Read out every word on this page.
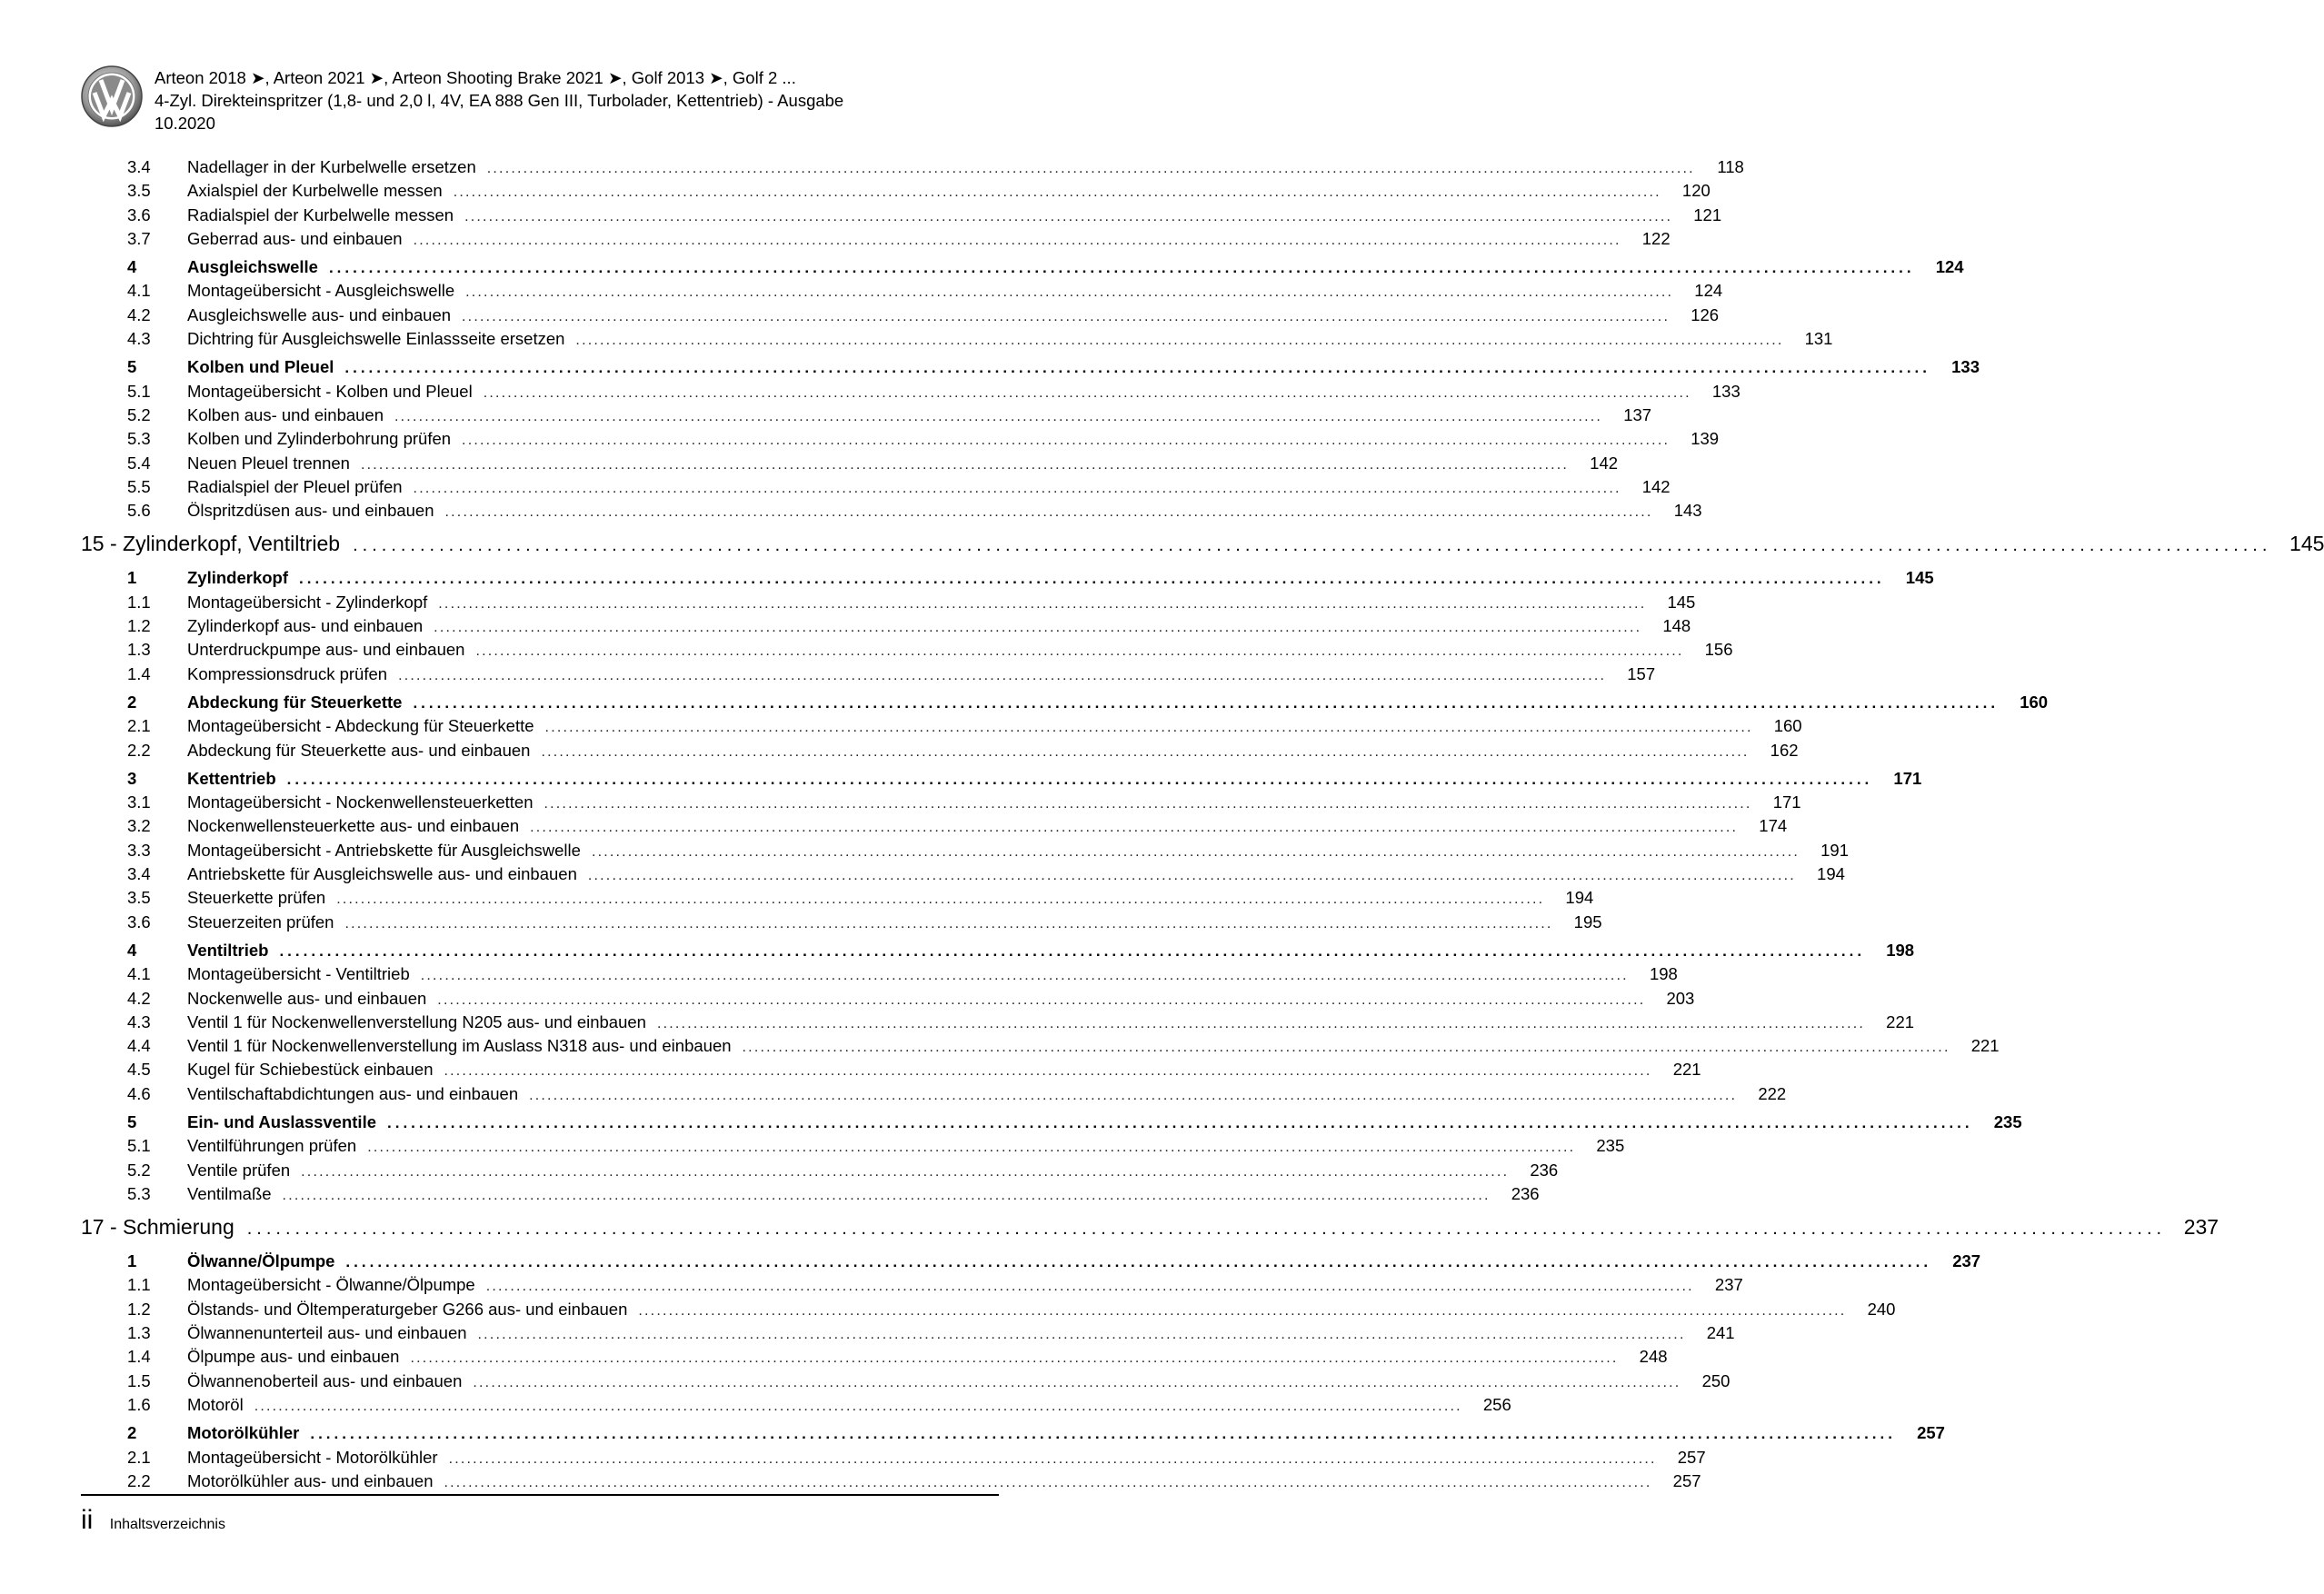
Arteon 2018 ➤, Arteon 2021 ➤, Arteon Shooting Brake 2021 ➤, Golf 2013 ➤, Golf 2 ...
4-Zyl. Direkteinspritzer (1,8- und 2,0 l, 4V, EA 888 Gen III, Turbolader, Kettentrieb) - Ausgabe
10.2020
3.4	Nadellager in der Kurbelwelle ersetzen ........................................................................................................................................................................................................	118
3.5	Axialspiel der Kurbelwelle messen ........................................................................................................................................................................................................	120
3.6	Radialspiel der Kurbelwelle messen ........................................................................................................................................................................................................	121
3.7	Geberrad aus- und einbauen ........................................................................................................................................................................................................	122
4	Ausgleichswelle ........................................................................................................................................................................................................	124
4.1	Montageübersicht - Ausgleichswelle ........................................................................................................................................................................................................	124
4.2	Ausgleichswelle aus- und einbauen ........................................................................................................................................................................................................	126
4.3	Dichtring für Ausgleichswelle Einlassseite ersetzen ........................................................................................................................................................................................................	131
5	Kolben und Pleuel ........................................................................................................................................................................................................	133
5.1	Montageübersicht - Kolben und Pleuel ........................................................................................................................................................................................................	133
5.2	Kolben aus- und einbauen ........................................................................................................................................................................................................	137
5.3	Kolben und Zylinderbohrung prüfen ........................................................................................................................................................................................................	139
5.4	Neuen Pleuel trennen ........................................................................................................................................................................................................	142
5.5	Radialspiel der Pleuel prüfen ........................................................................................................................................................................................................	142
5.6	Ölspritzdüsen aus- und einbauen ........................................................................................................................................................................................................	143
15 - Zylinderkopf, Ventiltrieb ........................................................................................................................................................................................................ 145
1	Zylinderkopf ........................................................................................................................................................................................................	145
1.1	Montageübersicht - Zylinderkopf ........................................................................................................................................................................................................	145
1.2	Zylinderkopf aus- und einbauen ........................................................................................................................................................................................................	148
1.3	Unterdruckpumpe aus- und einbauen ........................................................................................................................................................................................................	156
1.4	Kompressionsdruck prüfen ........................................................................................................................................................................................................	157
2	Abdeckung für Steuerkette ........................................................................................................................................................................................................	160
2.1	Montageübersicht - Abdeckung für Steuerkette ........................................................................................................................................................................................................	160
2.2	Abdeckung für Steuerkette aus- und einbauen ........................................................................................................................................................................................................	162
3	Kettentrieb ........................................................................................................................................................................................................	171
3.1	Montageübersicht - Nockenwellensteuerketten ........................................................................................................................................................................................................	171
3.2	Nockenwellensteuerkette aus- und einbauen ........................................................................................................................................................................................................	174
3.3	Montageübersicht - Antriebskette für Ausgleichswelle ........................................................................................................................................................................................................	191
3.4	Antriebskette für Ausgleichswelle aus- und einbauen ........................................................................................................................................................................................................	194
3.5	Steuerkette prüfen ........................................................................................................................................................................................................	194
3.6	Steuerzeiten prüfen ........................................................................................................................................................................................................	195
4	Ventiltrieb ........................................................................................................................................................................................................	198
4.1	Montageübersicht - Ventiltrieb ........................................................................................................................................................................................................	198
4.2	Nockenwelle aus- und einbauen ........................................................................................................................................................................................................	203
4.3	Ventil 1 für Nockenwellenverstellung N205 aus- und einbauen ........................................................................................................................................................................................................	221
4.4	Ventil 1 für Nockenwellenverstellung im Auslass N318 aus- und einbauen ........................................................................................................................................................................................................	221
4.5	Kugel für Schiebestück einbauen ........................................................................................................................................................................................................	221
4.6	Ventilschaftabdichtungen aus- und einbauen ........................................................................................................................................................................................................	222
5	Ein- und Auslassventile ........................................................................................................................................................................................................	235
5.1	Ventilführungen prüfen ........................................................................................................................................................................................................	235
5.2	Ventile prüfen ........................................................................................................................................................................................................	236
5.3	Ventilmaße ........................................................................................................................................................................................................	236
17 - Schmierung ........................................................................................................................................................................................................ 237
1	Ölwanne/Ölpumpe ........................................................................................................................................................................................................	237
1.1	Montageübersicht - Ölwanne/Ölpumpe ........................................................................................................................................................................................................	237
1.2	Ölstands- und Öltemperaturgeber G266 aus- und einbauen ........................................................................................................................................................................................................	240
1.3	Ölwannenunterteil aus- und einbauen ........................................................................................................................................................................................................	241
1.4	Ölpumpe aus- und einbauen ........................................................................................................................................................................................................	248
1.5	Ölwannenoberteil aus- und einbauen ........................................................................................................................................................................................................	250
1.6	Motoröl ........................................................................................................................................................................................................	256
2	Motorölkühler ........................................................................................................................................................................................................	257
2.1	Montageübersicht - Motorölkühler ........................................................................................................................................................................................................	257
2.2	Motorölkühler aus- und einbauen ........................................................................................................................................................................................................	257
ii Inhaltsverzeichnis
